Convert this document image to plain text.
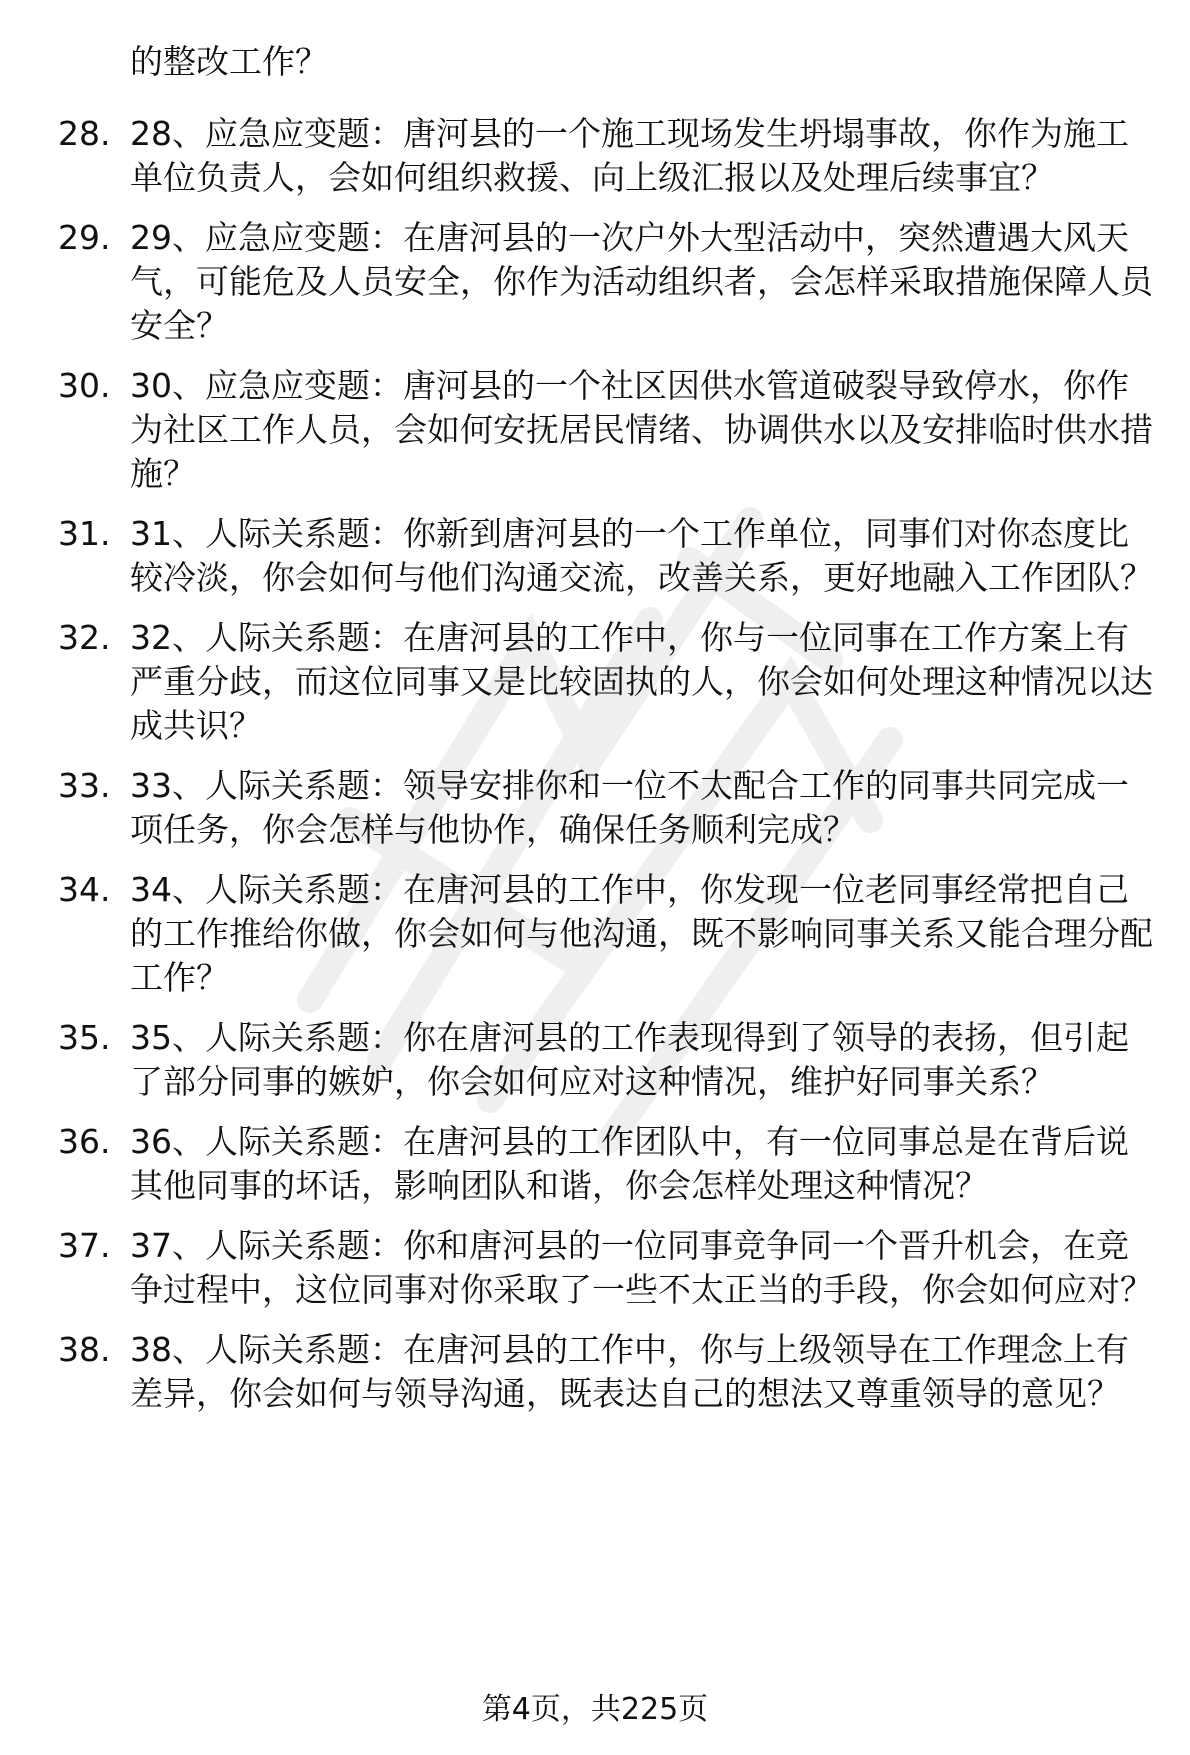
的整改工作？
28. 28、应急应变题：唐河县的一个施工现场发生坍塌事故，你作为施工单位负责人，会如何组织救援、向上级汇报以及处理后续事宜？
29. 29、应急应变题：在唐河县的一次户外大型活动中，突然遭遇大风天气，可能危及人员安全，你作为活动组织者，会怎样采取措施保障人员安全？
30. 30、应急应变题：唐河县的一个社区因供水管道破裂导致停水，你作为社区工作人员，会如何安抚居民情绪、协调供水以及安排临时供水措施？
31. 31、人际关系题：你新到唐河县的一个工作单位，同事们对你态度比较冷淡，你会如何与他们沟通交流，改善关系，更好地融入工作团队？
32. 32、人际关系题：在唐河县的工作中，你与一位同事在工作方案上有严重分歧，而这位同事又是比较固执的人，你会如何处理这种情况以达成共识？
33. 33、人际关系题：领导安排你和一位不太配合工作的同事共同完成一项任务，你会怎样与他协作，确保任务顺利完成？
34. 34、人际关系题：在唐河县的工作中，你发现一位老同事经常把自己的工作推给你做，你会如何与他沟通，既不影响同事关系又能合理分配工作？
35. 35、人际关系题：你在唐河县的工作表现得到了领导的表扬，但引起了部分同事的嫉妒，你会如何应对这种情况，维护好同事关系？
36. 36、人际关系题：在唐河县的工作团队中，有一位同事总是在背后说其他同事的坏话，影响团队和谐，你会怎样处理这种情况？
37. 37、人际关系题：你和唐河县的一位同事竞争同一个晋升机会，在竞争过程中，这位同事对你采取了一些不太正当的手段，你会如何应对？
38. 38、人际关系题：在唐河县的工作中，你与上级领导在工作理念上有差异，你会如何与领导沟通，既表达自己的想法又尊重领导的意见？
第4页，共225页
